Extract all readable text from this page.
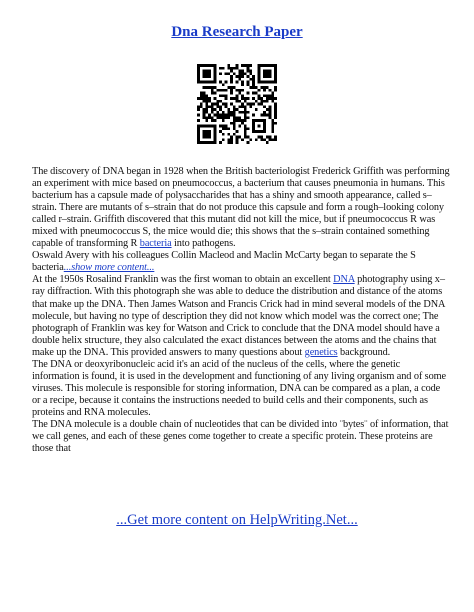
Dna Research Paper

The discovery of DNA began in 1928 when the British bacteriologist Frederick Griffith was performing an experiment with mice based on pneumococcus, a bacterium that causes pneumonia in humans. This bacterium has a capsule made of polysaccharides that has a shiny and smooth appearance, called s–strain. There are mutants of s–strain that do not produce this capsule and form a rough–looking colony called r–strain. Griffith discovered that this mutant did not kill the mice, but if pneumococcus R was mixed with pneumococcus S, the mice would die; this shows that the s–strain contained something capable of transforming R bacteria into pathogens.

Oswald Avery with his colleagues Collin Macleod and Maclin McCarty began to separate the S bacteria...show more content...

At the 1950s Rosalind Franklin was the first woman to obtain an excellent DNA photography using x–ray diffraction. With this photograph she was able to deduce the distribution and distance of the atoms that make up the DNA. Then James Watson and Francis Crick had in mind several models of the DNA molecule, but having no type of description they did not know which model was the correct one; The photograph of Franklin was key for Watson and Crick to conclude that the DNA model should have a double helix structure, they also calculated the exact distances between the atoms and the chains that make up the DNA. This provided answers to many questions about genetics background.

The DNA or deoxyribonucleic acid it's an acid of the nucleus of the cells, where the genetic information is found, it is used in the development and functioning of any living organism and of some viruses. This molecule is responsible for storing information, DNA can be compared as a plan, a code or a recipe, because it contains the instructions needed to build cells and their components, such as proteins and RNA molecules.

The DNA molecule is a double chain of nucleotides that can be divided into ¨bytes¨ of information, that we call genes, and each of these genes come together to create a specific protein. These proteins are those that

...Get more content on HelpWriting.Net...
